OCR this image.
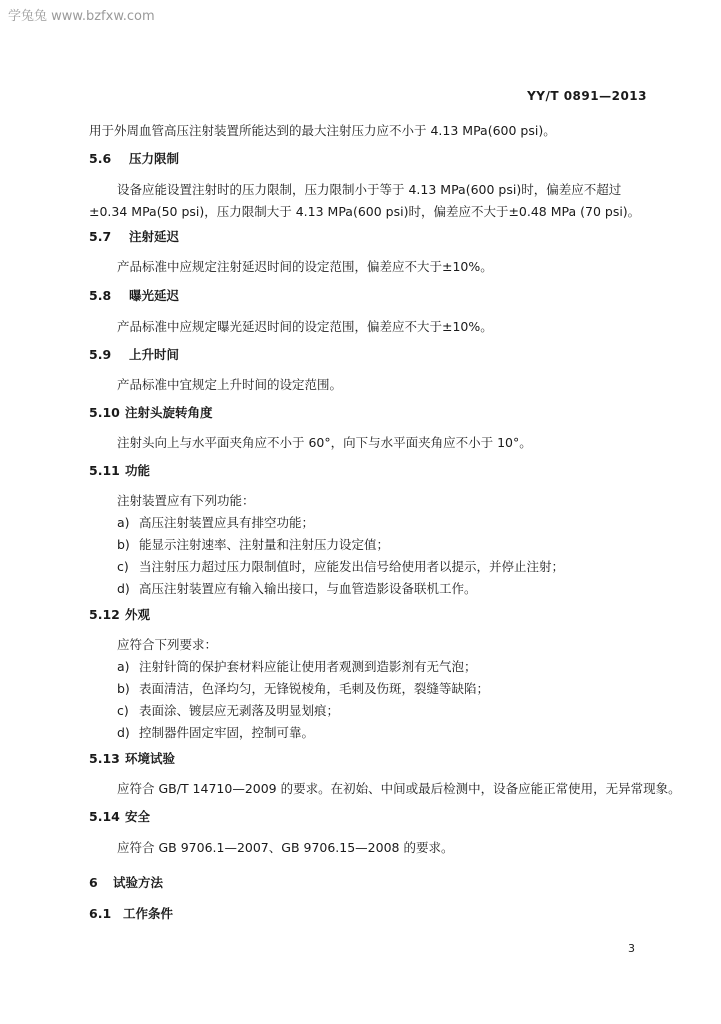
学兔兔 www.bzfxw.com
YY/T 0891—2013
用于外周血管高压注射装置所能达到的最大注射压力应不小于 4.13 MPa(600 psi)。
5.6 压力限制
设备应能设置注射时的压力限制，压力限制小于等于 4.13 MPa(600 psi)时，偏差应不超过
±0.34 MPa(50 psi)，压力限制大于 4.13 MPa(600 psi)时，偏差应不大于±0.48 MPa (70 psi)。
5.7 注射延迟
产品标准中应规定注射延迟时间的设定范围，偏差应不大于±10%。
5.8 曝光延迟
产品标准中应规定曝光延迟时间的设定范围，偏差应不大于±10%。
5.9 上升时间
产品标准中宜规定上升时间的设定范围。
5.10 注射头旋转角度
注射头向上与水平面夹角应不小于 60°，向下与水平面夹角应不小于 10°。
5.11 功能
注射装置应有下列功能：
a) 高压注射装置应具有排空功能；
b) 能显示注射速率、注射量和注射压力设定值；
c) 当注射压力超过压力限制值时，应能发出信号给使用者以提示，并停止注射；
d) 高压注射装置应有输入输出接口，与血管造影设备联机工作。
5.12 外观
应符合下列要求：
a) 注射针筒的保护套材料应能让使用者观测到造影剂有无气泡；
b) 表面清洁，色泽均匀，无锋锐棱角，毛刺及伤斑，裂缝等缺陷；
c) 表面涂、镀层应无剥落及明显划痕；
d) 控制器件固定牢固，控制可靠。
5.13 环境试验
应符合 GB/T 14710—2009 的要求。在初始、中间或最后检测中，设备应能正常使用，无异常现象。
5.14 安全
应符合 GB 9706.1—2007、GB 9706.15—2008 的要求。
6 试验方法
6.1 工作条件
3
